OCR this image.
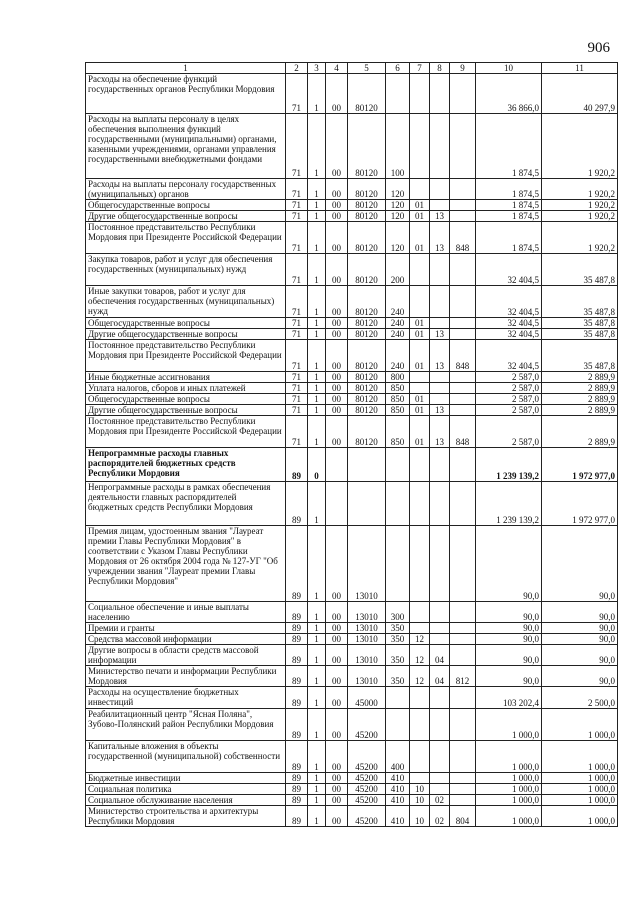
906
1	2	3	4	5	6	7	8	9	10	11
Расходы на обеспечение функций государственных органов Республики Мордовия	71	1	00	80120					36 866,0	40 297,9
Расходы на выплаты персоналу в целях обеспечения выполнения функций государственными (муниципальными) органами, казенными учреждениями, органами управления государственными внебюджетными фондами	71	1	00	80120	100				1 874,5	1 920,2
Расходы на выплаты персоналу государственных (муниципальных) органов	71	1	00	80120	120				1 874,5	1 920,2
Общегосударственные вопросы	71	1	00	80120	120	01			1 874,5	1 920,2
Другие общегосударственные вопросы	71	1	00	80120	120	01	13		1 874,5	1 920,2
Постоянное представительство Республики Мордовия при Президенте Российской Федерации	71	1	00	80120	120	01	13	848	1 874,5	1 920,2
Закупка товаров, работ и услуг для обеспечения государственных (муниципальных) нужд	71	1	00	80120	200				32 404,5	35 487,8
Иные закупки товаров, работ и услуг для обеспечения государственных (муниципальных) нужд	71	1	00	80120	240				32 404,5	35 487,8
Общегосударственные вопросы	71	1	00	80120	240	01			32 404,5	35 487,8
Другие общегосударственные вопросы	71	1	00	80120	240	01	13		32 404,5	35 487,8
Постоянное представительство Республики Мордовия при Президенте Российской Федерации	71	1	00	80120	240	01	13	848	32 404,5	35 487,8
Иные бюджетные ассигнования	71	1	00	80120	800				2 587,0	2 889,9
Уплата налогов, сборов и иных платежей	71	1	00	80120	850				2 587,0	2 889,9
Общегосударственные вопросы	71	1	00	80120	850	01			2 587,0	2 889,9
Другие общегосударственные вопросы	71	1	00	80120	850	01	13		2 587,0	2 889,9
Постоянное представительство Республики Мордовия при Президенте Российской Федерации	71	1	00	80120	850	01	13	848	2 587,0	2 889,9
Непрограммные расходы главных распорядителей бюджетных средств Республики Мордовия	89	0							1 239 139,2	1 972 977,0
Непрограммные расходы в рамках обеспечения деятельности главных распорядителей бюджетных средств Республики Мордовия	89	1							1 239 139,2	1 972 977,0
Премия лицам, удостоенным звания "Лауреат премии Главы Республики Мордовия" в соответствии с Указом Главы Республики Мордовия от 26 октября 2004 года № 127-УГ "Об учреждении звания "Лауреат премии Главы Республики Мордовия"	89	1	00	13010					90,0	90,0
Социальное обеспечение и иные выплаты населению	89	1	00	13010	300				90,0	90,0
Премии и гранты	89	1	00	13010	350				90,0	90,0
Средства массовой информации	89	1	00	13010	350	12			90,0	90,0
Другие вопросы в области средств массовой информации	89	1	00	13010	350	12	04		90,0	90,0
Министерство печати и информации Республики Мордовия	89	1	00	13010	350	12	04	812	90,0	90,0
Расходы на осуществление бюджетных инвестиций	89	1	00	45000					103 202,4	2 500,0
Реабилитационный центр "Ясная Поляна", Зубово-Полянский район Республики Мордовия	89	1	00	45200					1 000,0	1 000,0
Капитальные вложения в объекты государственной (муниципальной) собственности	89	1	00	45200	400				1 000,0	1 000,0
Бюджетные инвестиции	89	1	00	45200	410				1 000,0	1 000,0
Социальная политика	89	1	00	45200	410	10			1 000,0	1 000,0
Социальное обслуживание населения	89	1	00	45200	410	10	02		1 000,0	1 000,0
Министерство строительства и архитектуры Республики Мордовия	89	1	00	45200	410	10	02	804	1 000,0	1 000,0
